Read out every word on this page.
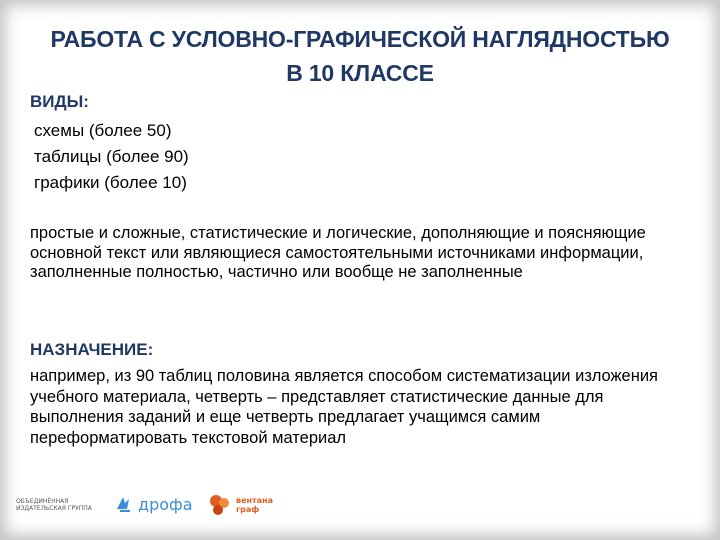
РАБОТА С УСЛОВНО-ГРАФИЧЕСКОЙ НАГЛЯДНОСТЬЮ
В 10 КЛАССЕ
ВИДЫ:
схемы (более 50)
таблицы (более 90)
графики (более 10)

простые и сложные, статистические и логические, дополняющие и поясняющие основной текст или являющиеся самостоятельными источниками информации, заполненные полностью, частично или вообще не заполненные

НАЗНАЧЕНИЕ:

например, из 90 таблиц половина является способом систематизации изложения учебного материала, четверть – представляет статистические данные для выполнения заданий и еще четверть предлагает учащимся самим переформатировать текстовой материал

ОБЪЕДИНЁННАЯ
ИЗДАТЕЛЬСКАЯ ГРУППА	дрофа	вентана
граф
